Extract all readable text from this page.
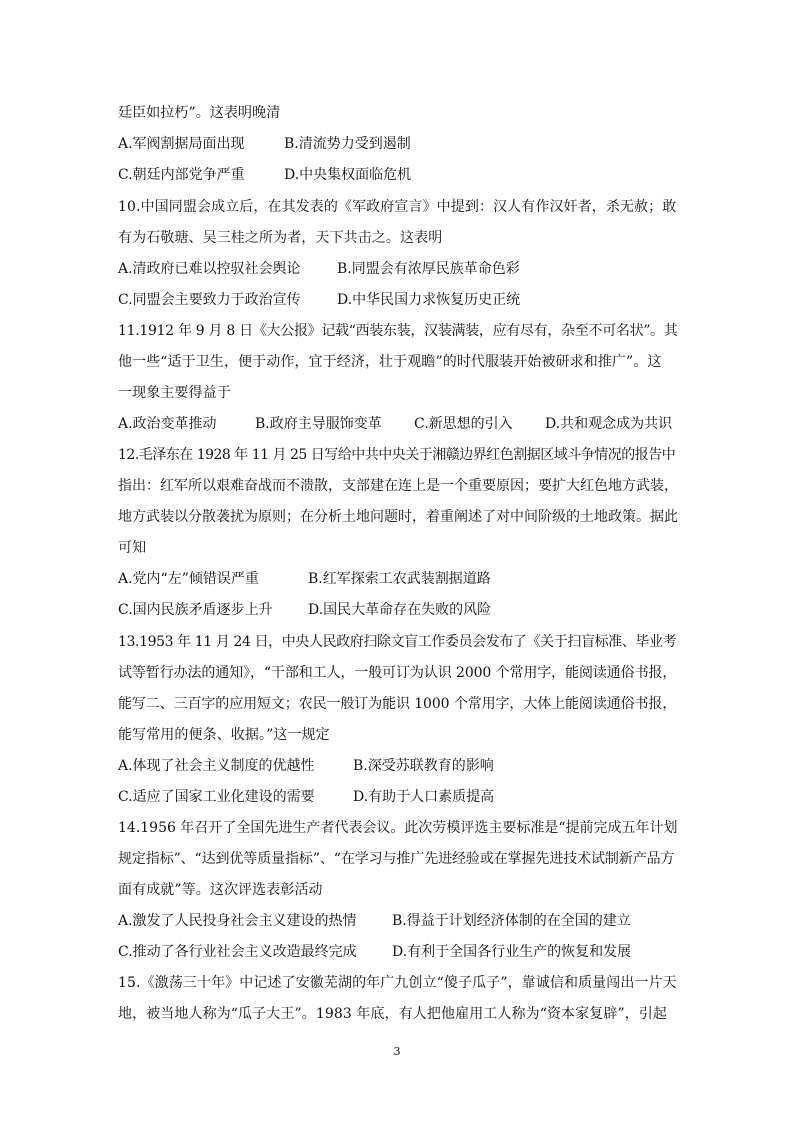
廷臣如拉朽”。这表明晚清
A.军阀割据局面出现	B.清流势力受到遏制
C.朝廷内部党争严重	D.中央集权面临危机
10.中国同盟会成立后，在其发表的《军政府宣言》中提到：汉人有作汉奸者，杀无赦；敢
有为石敬瑭、吴三桂之所为者，天下共击之。这表明
A.清政府已难以控驭社会舆论	B.同盟会有浓厚民族革命色彩
C.同盟会主要致力于政治宣传	D.中华民国力求恢复历史正统
11.1912 年 9 月 8 日《大公报》记载“西装东装，汉装满装，应有尽有，杂至不可名状”。其
他一些“适于卫生，便于动作，宜于经济，壮于观瞻”的时代服装开始被研求和推广”。这
一现象主要得益于
A.政治变革推动	B.政府主导服饰变革 C.新思想的引入 D.共和观念成为共识
12.毛泽东在 1928 年 11 月 25 日写给中共中央关于湘赣边界红色割据区域斗争情况的报告中
指出：红军所以艰难奋战而不溃散，支部建在连上是一个重要原因；要扩大红色地方武装，
地方武装以分散袭扰为原则；在分析土地问题时，着重阐述了对中间阶级的土地政策。据此
可知
A.党内“左”倾错误严重	B.红军探索工农武装割据道路
C.国内民族矛盾逐步上升	D.国民大革命存在失败的风险
13.1953 年 11 月 24 日，中央人民政府扫除文盲工作委员会发布了《关于扫盲标准、毕业考
试等暂行办法的通知》，“干部和工人，一般可订为认识 2000 个常用字，能阅读通俗书报，
能写二、三百字的应用短文；农民一般订为能识 1000 个常用字，大体上能阅读通俗书报，
能写常用的便条、收据。”这一规定
A.体现了社会主义制度的优越性	B.深受苏联教育的影响
C.适应了国家工业化建设的需要	D.有助于人口素质提高
14.1956 年召开了全国先进生产者代表会议。此次劳模评选主要标准是“提前完成五年计划
规定指标”、“达到优等质量指标”、“在学习与推广先进经验或在掌握先进技术试制新产品方
面有成就”等。这次评选表彰活动
A.激发了人民投身社会主义建设的热情	B.得益于计划经济体制的在全国的建立
C.推动了各行业社会主义改造最终完成	D.有利于全国各行业生产的恢复和发展
15.《激荡三十年》中记述了安徽芜湖的年广九创立“傻子瓜子”，靠诚信和质量闯出一片天
地，被当地人称为“瓜子大王”。1983 年底，有人把他雇用工人称为“资本家复辟”，引起
3
